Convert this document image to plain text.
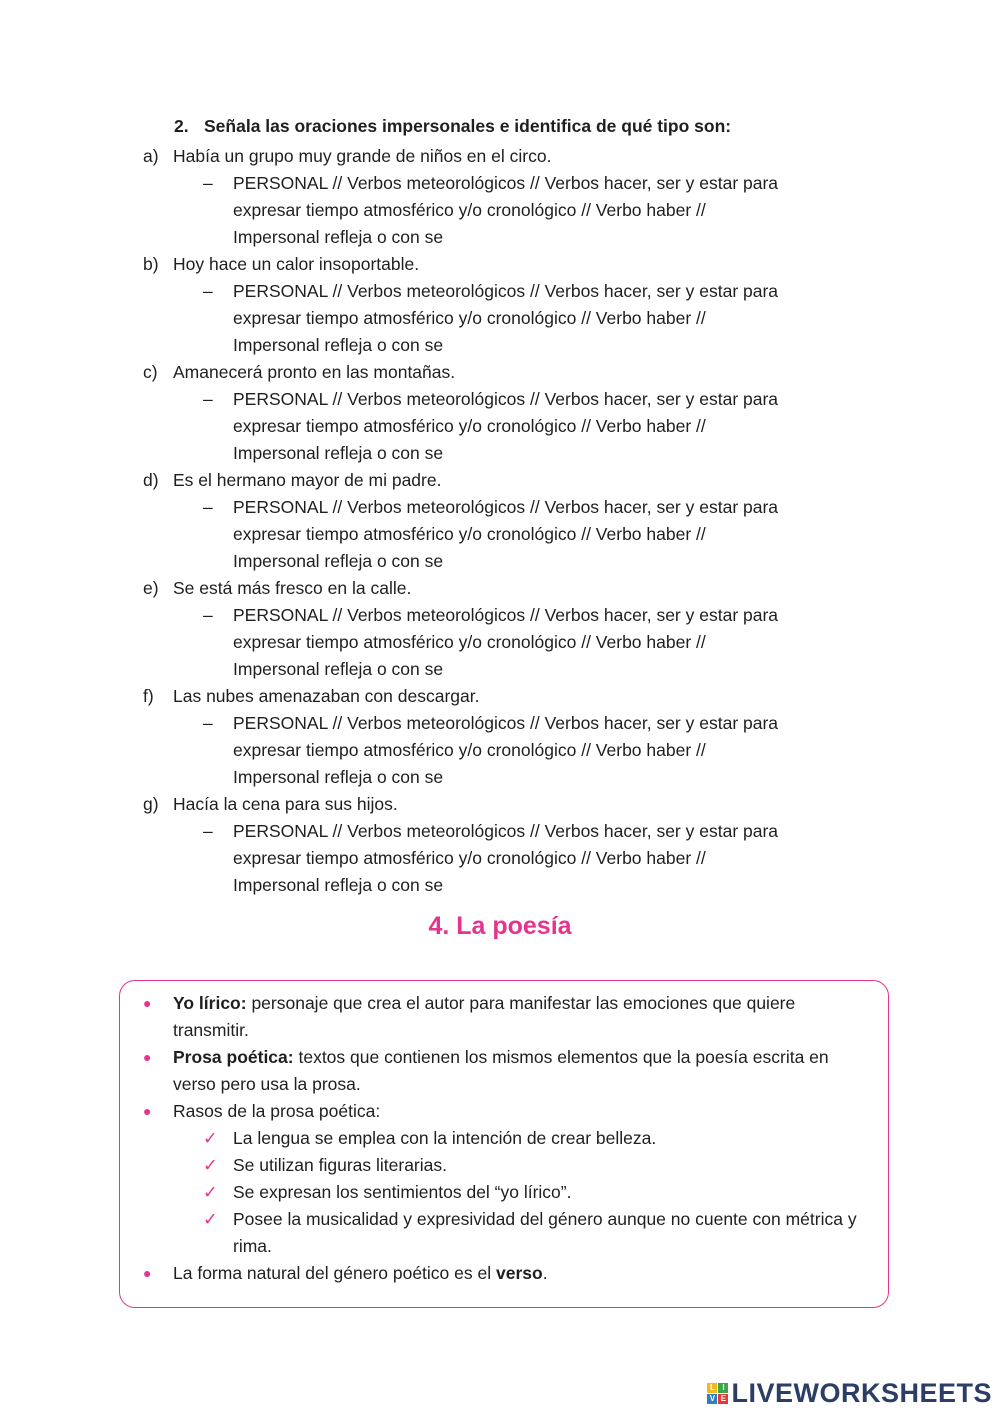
2. Señala las oraciones impersonales e identifica de qué tipo son:
a) Había un grupo muy grande de niños en el circo.
– PERSONAL // Verbos meteorológicos // Verbos hacer, ser y estar para
expresar tiempo atmosférico y/o cronológico // Verbo haber //
Impersonal refleja o con se
b) Hoy hace un calor insoportable.
– PERSONAL // Verbos meteorológicos // Verbos hacer, ser y estar para
expresar tiempo atmosférico y/o cronológico // Verbo haber //
Impersonal refleja o con se
c) Amanecerá pronto en las montañas.
– PERSONAL // Verbos meteorológicos // Verbos hacer, ser y estar para
expresar tiempo atmosférico y/o cronológico // Verbo haber //
Impersonal refleja o con se
d) Es el hermano mayor de mi padre.
– PERSONAL // Verbos meteorológicos // Verbos hacer, ser y estar para
expresar tiempo atmosférico y/o cronológico // Verbo haber //
Impersonal refleja o con se
e) Se está más fresco en la calle.
– PERSONAL // Verbos meteorológicos // Verbos hacer, ser y estar para
expresar tiempo atmosférico y/o cronológico // Verbo haber //
Impersonal refleja o con se
f) Las nubes amenazaban con descargar.
– PERSONAL // Verbos meteorológicos // Verbos hacer, ser y estar para
expresar tiempo atmosférico y/o cronológico // Verbo haber //
Impersonal refleja o con se
g) Hacía la cena para sus hijos.
– PERSONAL // Verbos meteorológicos // Verbos hacer, ser y estar para
expresar tiempo atmosférico y/o cronológico // Verbo haber //
Impersonal refleja o con se
4. La poesía
● Yo lírico: personaje que crea el autor para manifestar las emociones que quiere transmitir.
● Prosa poética: textos que contienen los mismos elementos que la poesía escrita en verso pero usa la prosa.
● Rasos de la prosa poética:
✓ La lengua se emplea con la intención de crear belleza.
✓ Se utilizan figuras literarias.
✓ Se expresan los sentimientos del “yo lírico”.
✓ Posee la musicalidad y expresividad del género aunque no cuente con métrica y rima.
● La forma natural del género poético es el verso.
L I
V E LIVEWORKSHEETS
